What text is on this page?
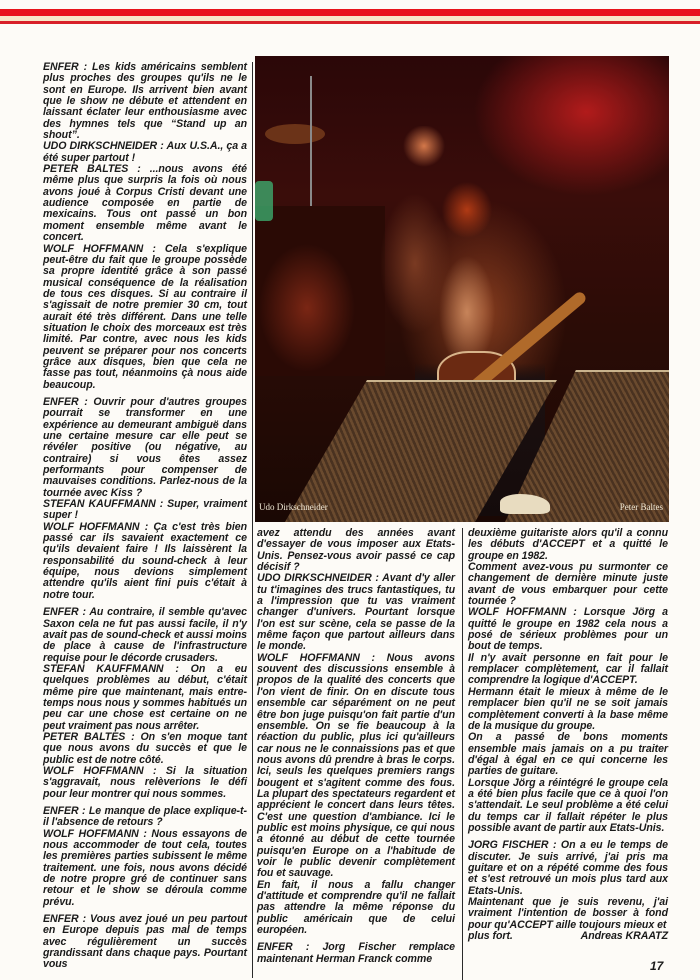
ENFER : Les kids américains semblent plus proches des groupes qu'ils ne le sont en Europe. Ils arrivent bien avant que le show ne débute et attendent en laissant éclater leur enthousiasme avec des hymnes tels que “Stand up an shout”.

UDO DIRKSCHNEIDER : Aux U.S.A., ça a été super partout !

PETER BALTES : ...nous avons été même plus que surpris la fois où nous avons joué à Corpus Cristi devant une audience composée en partie de mexicains. Tous ont passé un bon moment ensemble même avant le concert.

WOLF HOFFMANN : Cela s'explique peut-être du fait que le groupe possède sa propre identité grâce à son passé musical conséquence de la réalisation de tous ces disques. Si au contraire il s'agissait de notre premier 30 cm, tout aurait été très différent. Dans une telle situation le choix des morceaux est très limité. Par contre, avec nous les kids peuvent se préparer pour nos concerts grâce aux disques, bien que cela ne fasse pas tout, néanmoins çà nous aide beaucoup.

ENFER : Ouvrir pour d'autres groupes pourrait se transformer en une expérience au demeurant ambiguë dans une certaine mesure car elle peut se révéler positive (ou négative, au contraire) si vous êtes assez performants pour compenser de mauvaises conditions. Parlez-nous de la tournée avec Kiss ?

STEFAN KAUFFMANN : Super, vraiment super !

WOLF HOFFMANN : Ça c'est très bien passé car ils savaient exactement ce qu'ils devaient faire ! Ils laissèrent la responsabilité du sound-check à leur équipe, nous devions simplement attendre qu'ils aient fini puis c'était à notre tour.

ENFER : Au contraire, il semble qu'avec Saxon cela ne fut pas aussi facile, il n'y avait pas de sound-check et aussi moins de place à cause de l'infrastructure requise pour le décorde crusaders.

STEFAN KAUFFMANN : On a eu quelques problèmes au début, c'était même pire que maintenant, mais entre-temps nous nous y sommes habitués un peu car une chose est certaine on ne peut vraiment pas nous arrêter.

PETER BALTES : On s'en moque tant que nous avons du succès et que le public est de notre côté.

WOLF HOFFMANN : Si la situation s'aggravait, nous relèverions le défi pour leur montrer qui nous sommes.

ENFER : Le manque de place explique-t-il l'absence de retours ?

WOLF HOFFMANN : Nous essayons de nous accommoder de tout cela, toutes les premières parties subissent le même traitement. une fois, nous avons décidé de notre propre gré de continuer sans retour et le show se déroula comme prévu.

ENFER : Vous avez joué un peu partout en Europe depuis pas mal de temps avec régulièrement un succès grandissant dans chaque pays. Pourtant vous

Udo Dirkschneider	Peter Baltes

avez attendu des années avant d'essayer de vous imposer aux Etats-Unis. Pensez-vous avoir passé ce cap décisif ?

UDO DIRKSCHNEIDER : Avant d'y aller tu t'imagines des trucs fantastiques, tu a l'impression que tu vas vraiment changer d'univers. Pourtant lorsque l'on est sur scène, cela se passe de la même façon que partout ailleurs dans le monde.

WOLF HOFFMANN : Nous avons souvent des discussions ensemble à propos de la qualité des concerts que l'on vient de finir. On en discute tous ensemble car séparément on ne peut être bon juge puisqu'on fait partie d'un ensemble. On se fie beaucoup à la réaction du public, plus ici qu'ailleurs car nous ne le connaissions pas et que nous avons dû prendre à bras le corps. Ici, seuls les quelques premiers rangs bougent et s'agitent comme des fous. La plupart des spectateurs regardent et apprécient le concert dans leurs têtes. C'est une question d'ambiance. Ici le public est moins physique, ce qui nous a étonné au début de cette tournée puisqu'en Europe on a l'habitude de voir le public devenir complètement fou et sauvage.

En fait, il nous a fallu changer d'attitude et comprendre qu'il ne fallait pas attendre la même réponse du public américain que de celui européen.

ENFER : Jorg Fischer remplace maintenant Herman Franck comme

deuxième guitariste alors qu'il a connu les débuts d'ACCEPT et a quitté le groupe en 1982.

Comment avez-vous pu surmonter ce changement de dernière minute juste avant de vous embarquer pour cette tournée ?

WOLF HOFFMANN : Lorsque Jörg a quitté le groupe en 1982 cela nous a posé de sérieux problèmes pour un bout de temps.

Il n'y avait personne en fait pour le remplacer complètement, car il fallait comprendre la logique d'ACCEPT.

Hermann était le mieux à même de le remplacer bien qu'il ne se soit jamais complètement converti à la base même de la musique du groupe.

On a passé de bons moments ensemble mais jamais on a pu traiter d'égal à égal en ce qui concerne les parties de guitare.

Lorsque Jörg a réintégré le groupe cela a été bien plus facile que ce à quoi l'on s'attendait. Le seul problème a été celui du temps car il fallait répéter le plus possible avant de partir aux Etats-Unis.

JORG FISCHER : On a eu le temps de discuter. Je suis arrivé, j'ai pris ma guitare et on a répété comme des fous et s'est retrouvé un mois plus tard aux Etats-Unis.

Maintenant que je suis revenu, j'ai vraiment l'intention de bosser à fond pour qu'ACCEPT aille toujours mieux et

plus fort.	Andreas KRAATZ
17
